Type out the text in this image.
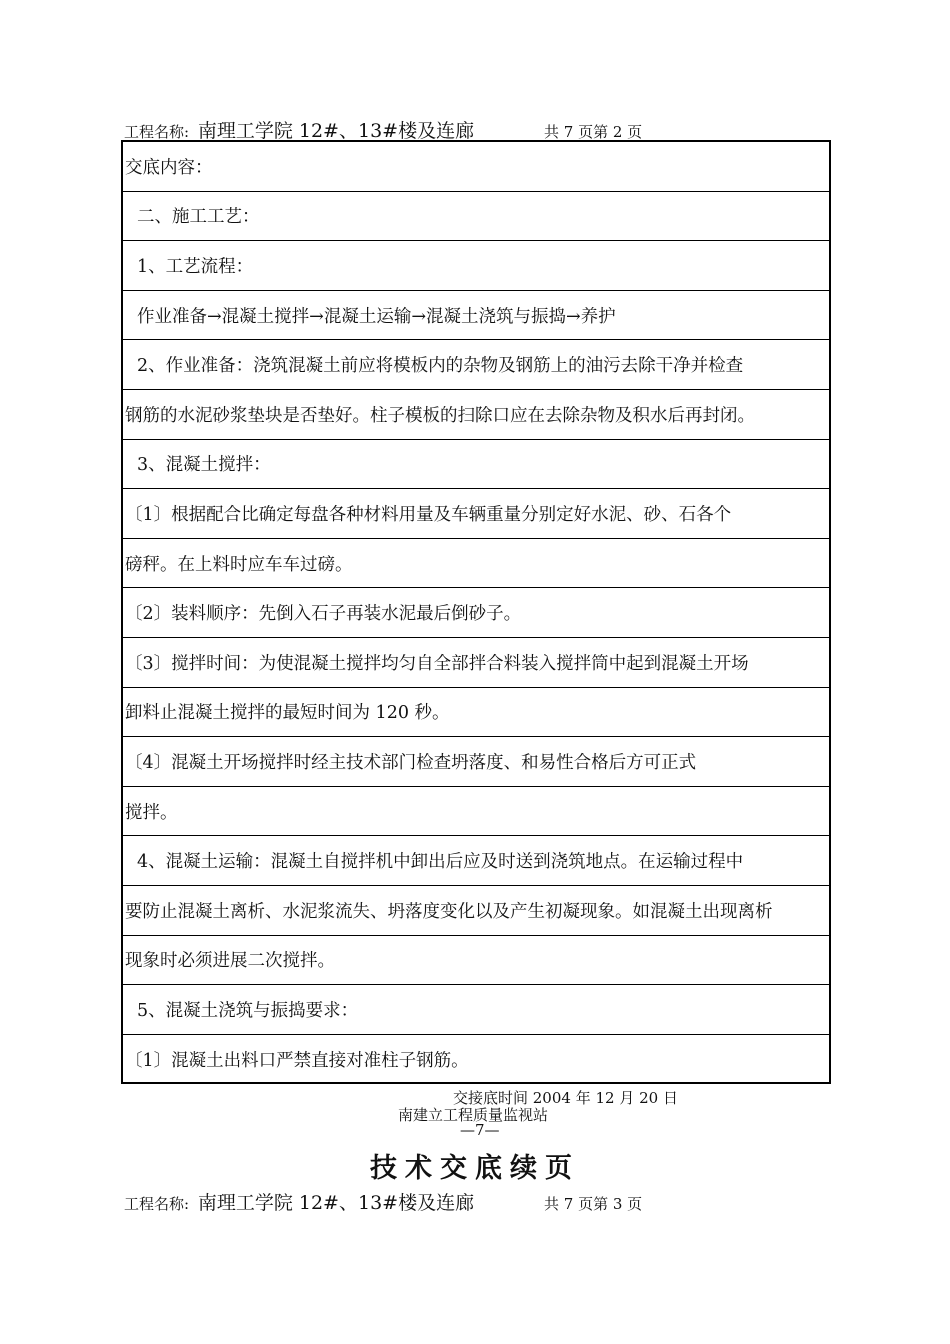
工程名称: 南理工学院 12#、13#楼及连廊	共 7 页第 2 页
交底内容：
二、施工工艺：
1、工艺流程：
作业准备→混凝土搅拌→混凝土运输→混凝土浇筑与振捣→养护
2、作业准备：浇筑混凝土前应将模板内的杂物及钢筋上的油污去除干净并检查
钢筋的水泥砂浆垫块是否垫好。柱子模板的扫除口应在去除杂物及积水后再封闭。
3、混凝土搅拌：
〔1〕根据配合比确定每盘各种材料用量及车辆重量分别定好水泥、砂、石各个
磅秤。在上料时应车车过磅。
〔2〕装料顺序：先倒入石子再装水泥最后倒砂子。
〔3〕搅拌时间：为使混凝土搅拌均匀自全部拌合料装入搅拌筒中起到混凝土开场
卸料止混凝土搅拌的最短时间为 120 秒。
〔4〕混凝土开场搅拌时经主技术部门检查坍落度、和易性合格后方可正式
搅拌。
4、混凝土运输：混凝土自搅拌机中卸出后应及时送到浇筑地点。在运输过程中
要防止混凝土离析、水泥浆流失、坍落度变化以及产生初凝现象。如混凝土出现离析
现象时必须进展二次搅拌。
5、混凝土浇筑与振捣要求：
〔1〕混凝土出料口严禁直接对准柱子钢筋。
交接底时间 2004 年 12 月 20 日
南建立工程质量监视站
—7—
技术交底续页
工程名称: 南理工学院 12#、13#楼及连廊	共 7 页第 3 页
